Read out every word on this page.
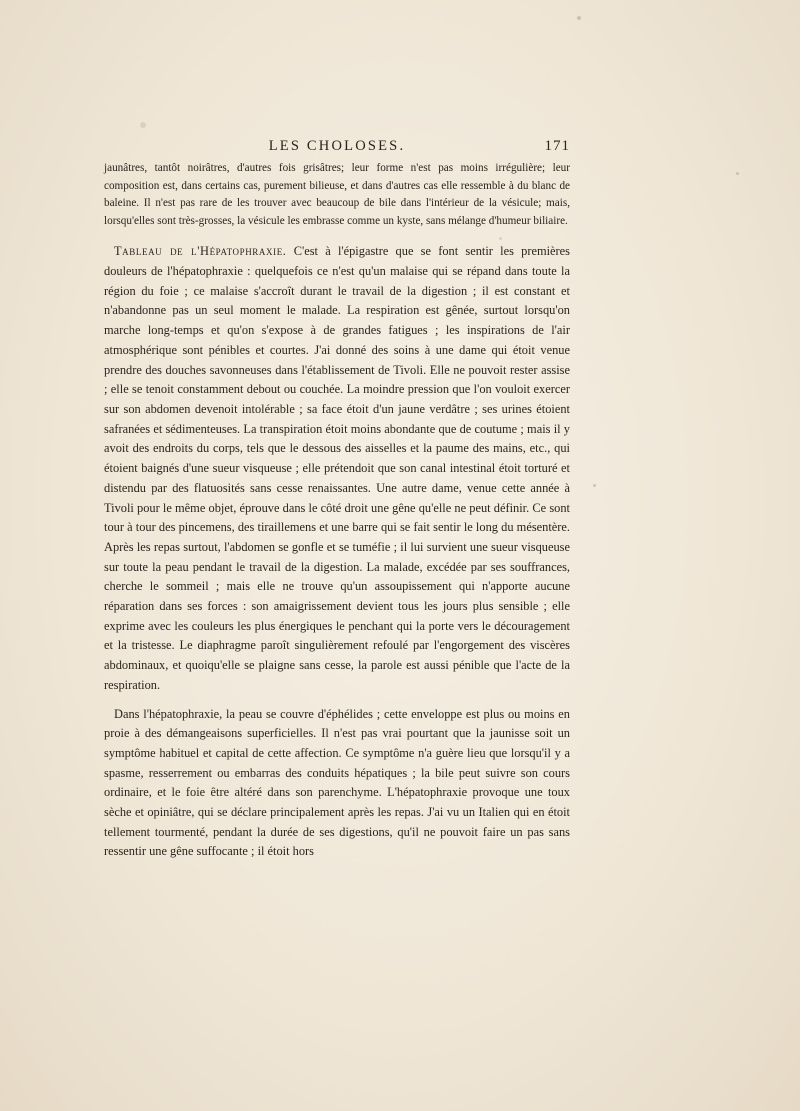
LES CHOLOSES.	171

jaunâtres, tantôt noirâtres, d'autres fois grisâtres; leur forme n'est pas moins irrégulière; leur composition est, dans certains cas, purement bilieuse, et dans d'autres cas elle ressemble à du blanc de baleine. Il n'est pas rare de les trouver avec beaucoup de bile dans l'intérieur de la vésicule; mais, lorsqu'elles sont très-grosses, la vésicule les embrasse comme un kyste, sans mélange d'humeur biliaire.

Tableau de l'Hépatophraxie. C'est à l'épigastre que se font sentir les premières douleurs de l'hépatophraxie : quelquefois ce n'est qu'un malaise qui se répand dans toute la région du foie ; ce malaise s'accroît durant le travail de la digestion ; il est constant et n'abandonne pas un seul moment le malade. La respiration est gênée, surtout lorsqu'on marche long-temps et qu'on s'expose à de grandes fatigues ; les inspirations de l'air atmosphérique sont pénibles et courtes. J'ai donné des soins à une dame qui étoit venue prendre des douches savonneuses dans l'établissement de Tivoli. Elle ne pouvoit rester assise ; elle se tenoit constamment debout ou couchée. La moindre pression que l'on vouloit exercer sur son abdomen devenoit intolérable ; sa face étoit d'un jaune verdâtre ; ses urines étoient safranées et sédimenteuses. La transpiration étoit moins abondante que de coutume ; mais il y avoit des endroits du corps, tels que le dessous des aisselles et la paume des mains, etc., qui étoient baignés d'une sueur visqueuse ; elle prétendoit que son canal intestinal étoit torturé et distendu par des flatuosités sans cesse renaissantes. Une autre dame, venue cette année à Tivoli pour le même objet, éprouve dans le côté droit une gêne qu'elle ne peut définir. Ce sont tour à tour des pincemens, des tiraillemens et une barre qui se fait sentir le long du mésentère. Après les repas surtout, l'abdomen se gonfle et se tuméfie ; il lui survient une sueur visqueuse sur toute la peau pendant le travail de la digestion. La malade, excédée par ses souffrances, cherche le sommeil ; mais elle ne trouve qu'un assoupissement qui n'apporte aucune réparation dans ses forces : son amaigrissement devient tous les jours plus sensible ; elle exprime avec les couleurs les plus énergiques le penchant qui la porte vers le découragement et la tristesse. Le diaphragme paroît singulièrement refoulé par l'engorgement des viscères abdominaux, et quoiqu'elle se plaigne sans cesse, la parole est aussi pénible que l'acte de la respiration.

Dans l'hépatophraxie, la peau se couvre d'éphélides ; cette enveloppe est plus ou moins en proie à des démangeaisons superficielles. Il n'est pas vrai pourtant que la jaunisse soit un symptôme habituel et capital de cette affection. Ce symptôme n'a guère lieu que lorsqu'il y a spasme, resserrement ou embarras des conduits hépatiques ; la bile peut suivre son cours ordinaire, et le foie être altéré dans son parenchyme. L'hépatophraxie provoque une toux sèche et opiniâtre, qui se déclare principalement après les repas. J'ai vu un Italien qui en étoit tellement tourmenté, pendant la durée de ses digestions, qu'il ne pouvoit faire un pas sans ressentir une gêne suffocante ; il étoit hors
